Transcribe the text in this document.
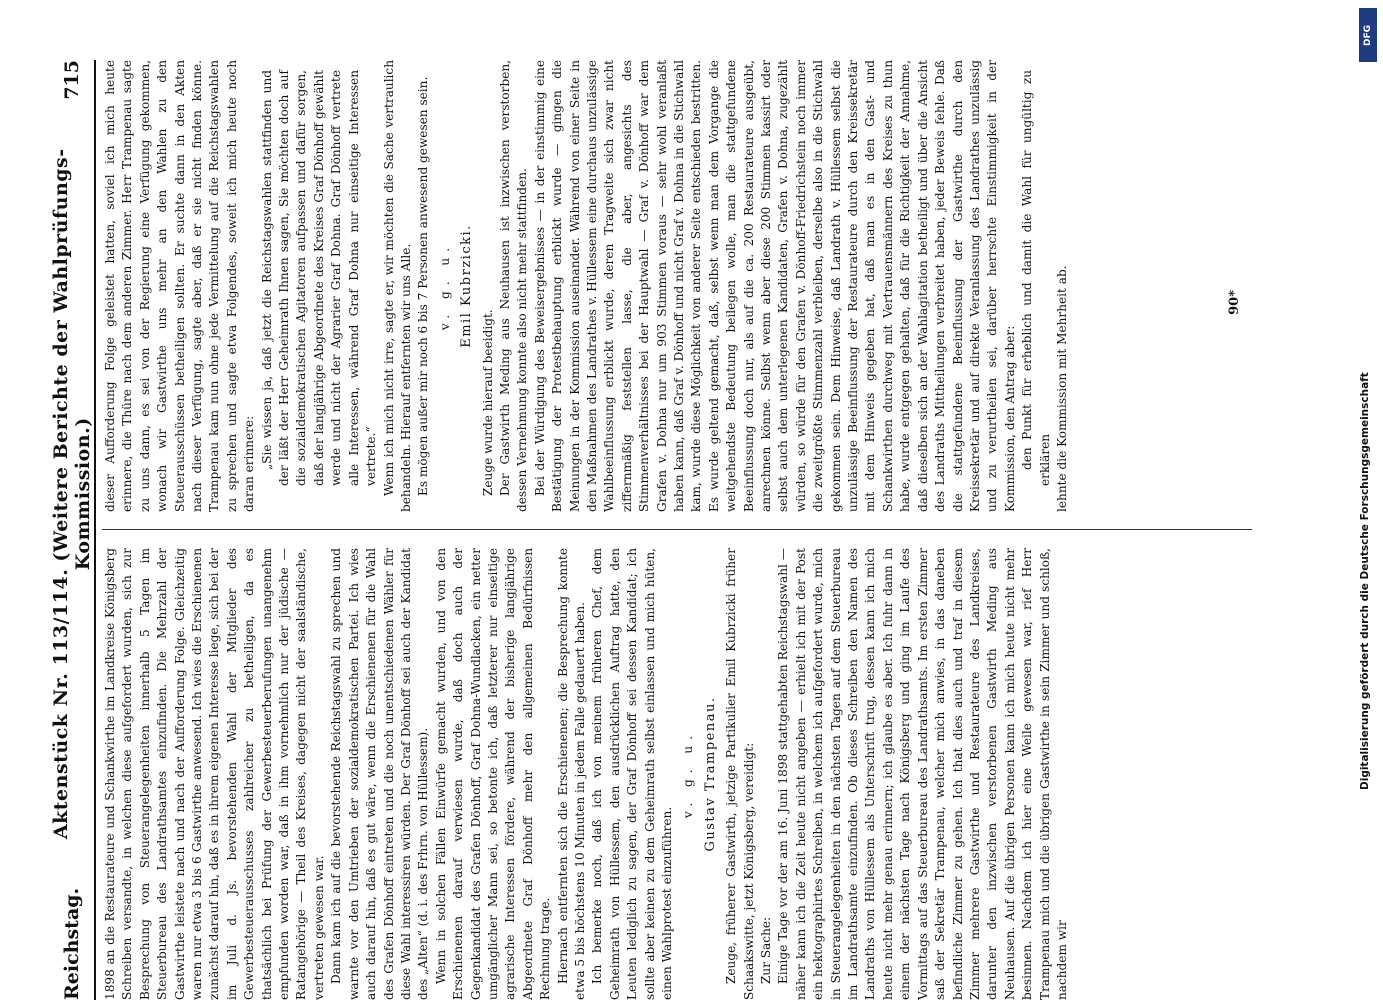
Reichstag.
Aktenstück Nr. 113/114. (Weitere Berichte der Wahlprüfungs-Kommission.)
715

1898 an die Restaurateure und Schankwirthe im Landkreise Königsberg Schreiben versandte, in welchen diese aufgefordert wurden, sich zur Besprechung von Steuerangelegenheiten innerhalb 5 Tagen im Steuerbureau des Landrathsamtes einzufinden. Die Mehrzahl der Gastwirthe leistete nach und nach der Aufforderung Folge. Gleichzeitig waren nur etwa 3 bis 6 Gastwirthe anwesend. Ich wies die Erschienenen zunächst darauf hin, daß es in ihrem eigenen Interesse liege, sich bei der im Juli d. Js. bevorstehenden Wahl der Mitglieder des Gewerbesteuerausschusses zahlreicher zu betheiligen, da es thatsächlich bei Prüfung der Gewerbesteuerberufungen unangenehm empfunden worden war, daß in ihm vornehmlich nur der jüdische — Ratangehörige — Theil des Kreises, dagegen nicht der saalständische, vertreten gewesen war. Dann kam ich auf die bevorstehende Reichstagswahl zu sprechen und warnte vor den Umtrieben der sozialdemokratischen Partei. Ich wies auch darauf hin, daß es gut wäre, wenn die Erschienenen für die Wahl des Grafen Dönhoff eintreten und die noch unentschiedenen Wähler für diese Wahl interessiren würden. Der Graf Dönhoff sei auch der Kandidat des „Alten“ (d. i. des Frhrn. von Hüllessem). Wenn in solchen Fällen Einwürfe gemacht wurden, und von den Erschienenen darauf verwiesen wurde, daß doch auch der Gegenkandidat des Grafen Dönhoff, Graf Dohna-Wundlacken, ein netter umgänglicher Mann sei, so betonte ich, daß letzterer nur einseitige agrarische Interessen fördere, während der bisherige langjährige Abgeordnete Graf Dönhoff mehr den allgemeinen Bedürfnissen Rechnung trage. Hiernach entfernten sich die Erschienenen; die Besprechung konnte etwa 5 bis höchstens 10 Minuten in jedem Falle gedauert haben. Ich bemerke noch, daß ich von meinem früheren Chef, dem Geheimrath von Hüllessem, den ausdrücklichen Auftrag hatte, den Leuten lediglich zu sagen, der Graf Dönhoff sei dessen Kandidat; ich sollte aber keinen zu dem Geheimrath selbst einlassen und mich hüten, einen Wahlprotest einzuführen.

v. g. u. Gustav Trampenau. Zeuge, früherer Gastwirth, jetzige Partikulier Emil Kubrzicki früher Schaakswitte, jetzt Königsberg, vereidigt: Zur Sache: Einige Tage vor der am 16. Juni 1898 stattgehabten Reichstagswahl — näher kann ich die Zeit heute nicht angeben — erhielt ich mit der Post ein hektographirtes Schreiben, in welchem ich aufgefordert wurde, mich in Steuerangelegenheiten in den nächsten Tagen auf dem Steuerbureau im Landrathsamte einzufinden. Ob dieses Schreiben den Namen des Landraths von Hüllessem als Unterschrift trug, dessen kann ich mich heute nicht mehr genau erinnern; ich glaube es aber. Ich fuhr dann in einem der nächsten Tage nach Königsberg und ging im Laufe des Vormittags auf das Steuerbureau des Landrathsamts. Im ersten Zimmer saß der Sekretär Trampenau, welcher mich anwies, in das daneben befindliche Zimmer zu gehen. Ich that dies auch und traf in diesem Zimmer mehrere Gastwirthe und Restaurateure des Landkreises, darunter den inzwischen verstorbenen Gastwirth Meding aus Neuhausen. Auf die übrigen Personen kann ich mich heute nicht mehr besinnen. Nachdem ich hier eine Weile gewesen war, rief Herr Trampenau mich und die übrigen Gastwirthe in sein Zimmer und schloß, nachdem wir

dieser Aufforderung Folge geleistet hatten, soviel ich mich heute erinnere, die Thüre nach dem anderen Zimmer. Herr Trampenau sagte zu uns dann, es sei von der Regierung eine Verfügung gekommen, wonach wir Gastwirthe uns mehr an den Wahlen zu den Steuerausschüssen betheiligen sollten. Er suchte dann in den Akten nach dieser Verfügung, sagte aber, daß er sie nicht finden könne. Trampenau kam nun ohne jede Vermittelung auf die Reichstagswahlen zu sprechen und sagte etwa Folgendes, soweit ich mich heute noch daran erinnere: „Sie wissen ja, daß jetzt die Reichstagswahlen stattfinden und der läßt der Herr Geheimrath Ihnen sagen, Sie möchten doch auf die sozialdemokratischen Agitatoren aufpassen und dafür sorgen, daß der langjährige Abgeordnete des Kreises Graf Dönhoff gewählt werde und nicht der Agrarier Graf Dohna. Graf Dönhoff vertrete alle Interessen, während Graf Dohna nur einseitige Interessen vertrete.“ Wenn ich mich nicht irre, sagte er, wir möchten die Sache vertraulich behandeln. Hierauf entfernten wir uns Alle. Es mögen außer mir noch 6 bis 7 Personen anwesend gewesen sein. v. g. u. Emil Kubrzicki.

Zeuge wurde hierauf beeidigt. Der Gastwirth Meding aus Neuhausen ist inzwischen verstorben, dessen Vernehmung konnte also nicht mehr stattfinden. Bei der Würdigung des Beweisergebnisses — in der einstimmig eine Bestätigung der Protestbehauptung erblickt wurde — gingen die Meinungen in der Kommission auseinander. Während von einer Seite in den Maßnahmen des Landrathes v. Hüllessem eine durchaus unzulässige Wahlbeeinflussung erblickt wurde, deren Tragweite sich zwar nicht ziffernmäßig feststellen lasse, die aber, angesichts des Stimmenverhältnisses bei der Hauptwahl — Graf v. Dönhoff war dem Grafen v. Dohna nur um 903 Stimmen voraus — sehr wohl veranlaßt haben kann, daß Graf v. Dönhoff und nicht Graf v. Dohna in die Stichwahl kam, wurde diese Möglichkeit von anderer Seite entschieden bestritten. Es wurde geltend gemacht, daß, selbst wenn man dem Vorgange die weitgehendste Bedeutung beilegen wolle, man die stattgefundene Beeinflussung doch nur, als auf die ca. 200 Restaurateure ausgeübt, anrechnen könne. Selbst wenn aber diese 200 Stimmen kassirt oder selbst auch dem unterlegenen Kandidaten, Grafen v. Dohna, zugezählt würden, so würde für den Grafen v. Dönhoff-Friedrichstein noch immer die zweitgrößte Stimmenzahl verbleiben, derselbe also in die Stichwahl gekommen sein. Dem Hinweise, daß Landrath v. Hüllessem selbst die unzulässige Beeinflussung der Restaurateure durch den Kreissekretär mit dem Hinweis gegeben hat, daß man es in den Gast- und Schankwirthen durchweg mit Vertrauensmännern des Kreises zu thun habe, wurde entgegen gehalten, daß für die Richtigkeit der Annahme, daß dieselben sich an der Wahlagitation betheiligt und über die Ansicht des Landraths Mittheilungen verbreitet haben, jeder Beweis fehle. Daß die stattgefundene Beeinflussung der Gastwirthe durch den Kreissekretär und auf direkte Veranlassung des Landrathes unzulässig und zu verurtheilen sei, darüber herrschte Einstimmigkeit in der Kommission, den Antrag aber: den Punkt für erheblich und damit die Wahl für ungültig zu erklären lehnte die Kommission mit Mehrheit ab.	90*
DFG
Digitalisierung gefördert durch die Deutsche Forschungsgemeinschaft
